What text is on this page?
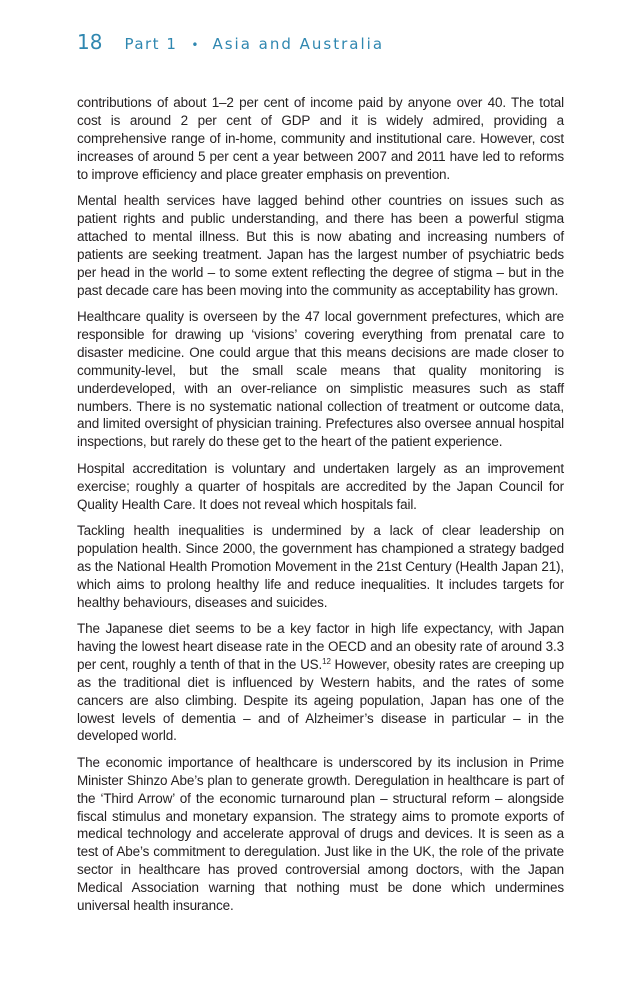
18 Part 1 • Asia and Australia

contributions of about 1–2 per cent of income paid by anyone over 40. The total cost is around 2 per cent of GDP and it is widely admired, providing a comprehensive range of in-home, community and institutional care. However, cost increases of around 5 per cent a year between 2007 and 2011 have led to reforms to improve efficiency and place greater emphasis on prevention.

Mental health services have lagged behind other countries on issues such as patient rights and public understanding, and there has been a powerful stigma attached to mental illness. But this is now abating and increasing numbers of patients are seeking treatment. Japan has the largest number of psychiatric beds per head in the world – to some extent reflecting the degree of stigma – but in the past decade care has been moving into the community as acceptability has grown.

Healthcare quality is overseen by the 47 local government prefectures, which are responsible for drawing up ‘visions’ covering everything from prenatal care to disaster medicine. One could argue that this means decisions are made closer to community-level, but the small scale means that quality monitoring is underdeveloped, with an over-reliance on simplistic measures such as staff numbers. There is no systematic national collection of treatment or outcome data, and limited oversight of physician training. Prefectures also oversee annual hospital inspections, but rarely do these get to the heart of the patient experience.

Hospital accreditation is voluntary and undertaken largely as an improvement exercise; roughly a quarter of hospitals are accredited by the Japan Council for Quality Health Care. It does not reveal which hospitals fail.

Tackling health inequalities is undermined by a lack of clear leadership on population health. Since 2000, the government has championed a strategy badged as the National Health Promotion Movement in the 21st Century (Health Japan 21), which aims to prolong healthy life and reduce inequalities. It includes targets for healthy behaviours, diseases and suicides.

The Japanese diet seems to be a key factor in high life expectancy, with Japan having the lowest heart disease rate in the OECD and an obesity rate of around 3.3 per cent, roughly a tenth of that in the US.$^{12}$ However, obesity rates are creeping up as the traditional diet is influenced by Western habits, and the rates of some cancers are also climbing. Despite its ageing population, Japan has one of the lowest levels of dementia – and of Alzheimer’s disease in particular – in the developed world.

The economic importance of healthcare is underscored by its inclusion in Prime Minister Shinzo Abe’s plan to generate growth. Deregulation in healthcare is part of the ‘Third Arrow’ of the economic turnaround plan – structural reform – alongside fiscal stimulus and monetary expansion. The strategy aims to promote exports of medical technology and accelerate approval of drugs and devices. It is seen as a test of Abe’s commitment to deregulation. Just like in the UK, the role of the private sector in healthcare has proved controversial among doctors, with the Japan Medical Association warning that nothing must be done which undermines universal health insurance.
